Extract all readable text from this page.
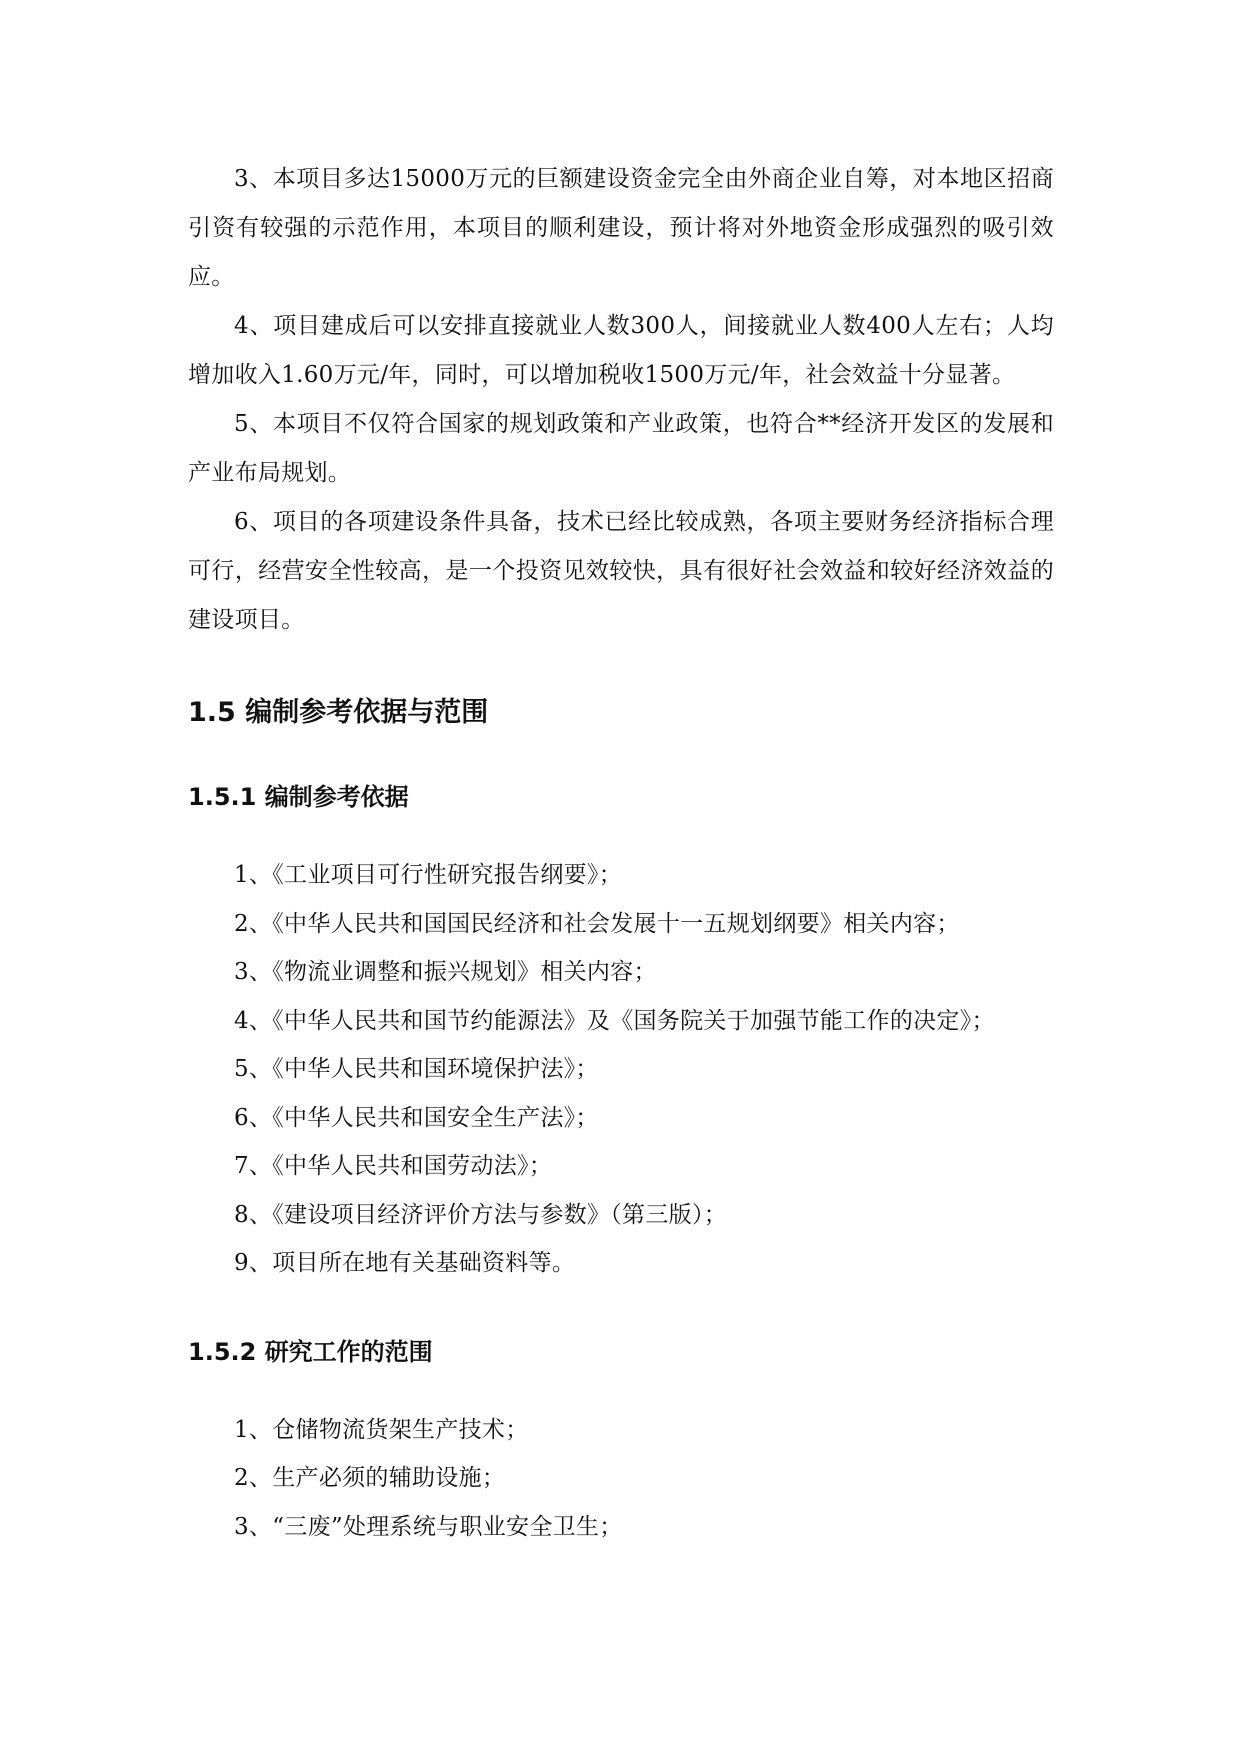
3、本项目多达15000万元的巨额建设资金完全由外商企业自筹，对本地区招商引资有较强的示范作用，本项目的顺利建设，预计将对外地资金形成强烈的吸引效应。

4、项目建成后可以安排直接就业人数300人，间接就业人数400人左右；人均增加收入1.60万元/年，同时，可以增加税收1500万元/年，社会效益十分显著。

5、本项目不仅符合国家的规划政策和产业政策，也符合**经济开发区的发展和产业布局规划。

6、项目的各项建设条件具备，技术已经比较成熟，各项主要财务经济指标合理可行，经营安全性较高，是一个投资见效较快，具有很好社会效益和较好经济效益的建设项目。

1.5 编制参考依据与范围
1.5.1 编制参考依据
1、《工业项目可行性研究报告纲要》；
2、《中华人民共和国国民经济和社会发展十一五规划纲要》相关内容；
3、《物流业调整和振兴规划》相关内容；
4、《中华人民共和国节约能源法》及《国务院关于加强节能工作的决定》；
5、《中华人民共和国环境保护法》；
6、《中华人民共和国安全生产法》；
7、《中华人民共和国劳动法》；
8、《建设项目经济评价方法与参数》（第三版）；
9、项目所在地有关基础资料等。
1.5.2 研究工作的范围
1、仓储物流货架生产技术；
2、生产必须的辅助设施；
3、“三废”处理系统与职业安全卫生；
